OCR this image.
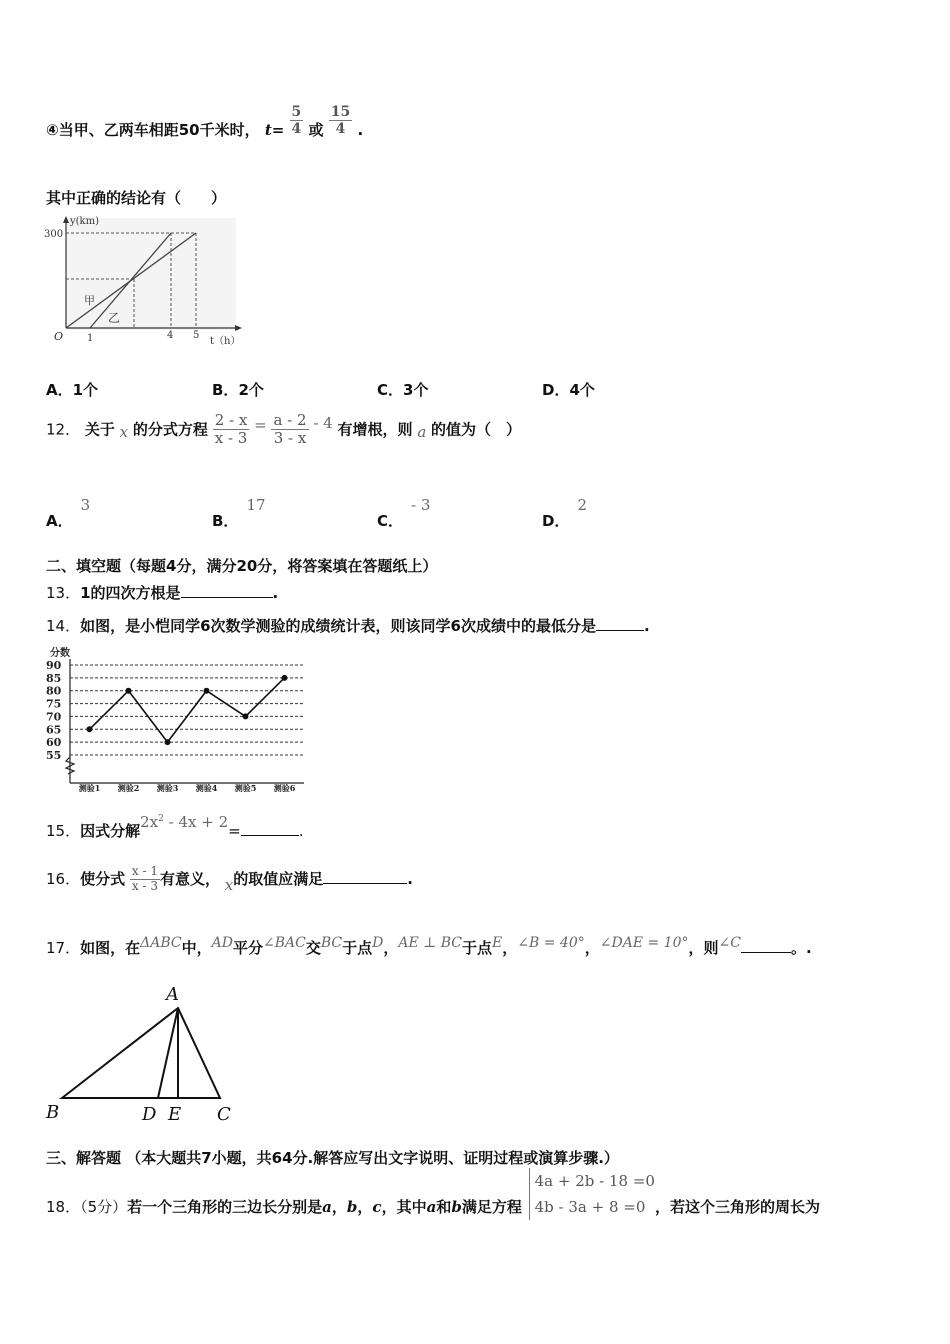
④当甲、乙两车相距50千米时， $t= \frac{5}{4}$ 或 $\frac{15}{4}$ .
其中正确的结论有（　　）
y(km)
300
O 1	4 5
t（h）
甲
乙
A．1个	B．2个	C．3个	D．4个
12． 关于 x 的分式方程 $\frac{2 - x}{x - 3} = \frac{a - 2}{3 - x} - 4$ 有增根，则 a 的值为（　）
A．3
B．17
C．- 3
D．2
二、填空题（每题4分，满分20分，将答案填在答题纸上）
13．1的四次方根是	.
14．如图，是小恺同学6次数学测验的成绩统计表，则该同学6次成绩中的最低分是	.
分数
55
60
65
70
75
80
85
90
测验1 测验2 测验3 测验4 测验5 测验6
15．因式分解$2x^2 - 4x + 2=$	.
16．使分式 $\frac{x - 1}{x - 3}$ 有意义， x的取值应满足	.
17．如图，在ΔABC中，AD平分∠BAC交BC于点D，AE ⊥ BC于点E，∠B = 40°，∠DAE = 10°，则∠C	。.
A
B	D E C
三、解答题 （本大题共7小题，共64分.解答应写出文字说明、证明过程或演算步骤.）
18．（5分）若一个三角形的三边长分别是a，b，c，其中a和b满足方程
4a + 2b - 18 =0
4b - 3a + 8 =0 ，若这个三角形的周长为
